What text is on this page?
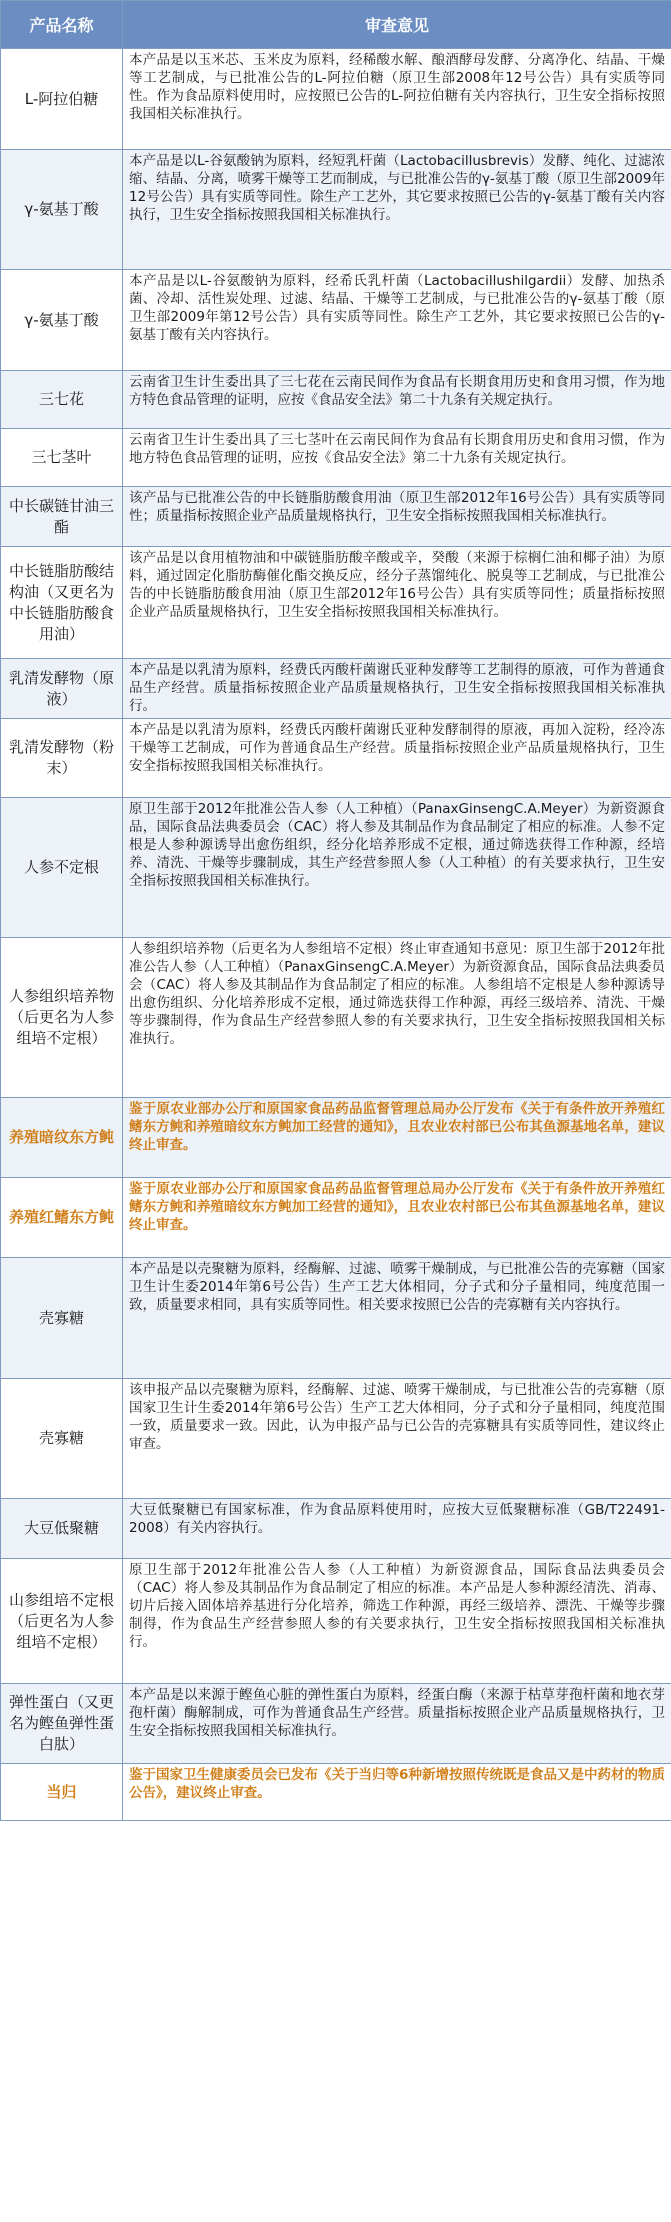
产品名称	审查意见
L-阿拉伯糖	本产品是以玉米芯、玉米皮为原料，经稀酸水解、酿酒酵母发酵、分离净化、结晶、干燥等工艺制成，与已批准公告的L-阿拉伯糖（原卫生部2008年12号公告）具有实质等同性。作为食品原料使用时，应按照已公告的L-阿拉伯糖有关内容执行，卫生安全指标按照我国相关标准执行。
γ-氨基丁酸	本产品是以L-谷氨酸钠为原料，经短乳杆菌（Lactobacillusbrevis）发酵、纯化、过滤浓缩、结晶、分离，喷雾干燥等工艺而制成，与已批准公告的γ-氨基丁酸（原卫生部2009年12号公告）具有实质等同性。除生产工艺外，其它要求按照已公告的γ-氨基丁酸有关内容执行，卫生安全指标按照我国相关标准执行。
γ-氨基丁酸	本产品是以L-谷氨酸钠为原料，经希氏乳杆菌（Lactobacillushilgardii）发酵、加热杀菌、冷却、活性炭处理、过滤、结晶、干燥等工艺制成，与已批准公告的γ-氨基丁酸（原卫生部2009年第12号公告）具有实质等同性。除生产工艺外，其它要求按照已公告的γ-氨基丁酸有关内容执行。
三七花	云南省卫生计生委出具了三七花在云南民间作为食品有长期食用历史和食用习惯，作为地方特色食品管理的证明，应按《食品安全法》第二十九条有关规定执行。
三七茎叶	云南省卫生计生委出具了三七茎叶在云南民间作为食品有长期食用历史和食用习惯，作为地方特色食品管理的证明，应按《食品安全法》第二十九条有关规定执行。
中长碳链甘油三酯	该产品与已批准公告的中长链脂肪酸食用油（原卫生部2012年16号公告）具有实质等同性；质量指标按照企业产品质量规格执行，卫生安全指标按照我国相关标准执行。
中长链脂肪酸结构油（又更名为中长链脂肪酸食用油）	该产品是以食用植物油和中碳链脂肪酸辛酸或辛，癸酸（来源于棕榈仁油和椰子油）为原料，通过固定化脂肪酶催化酯交换反应，经分子蒸馏纯化、脱臭等工艺制成，与已批准公告的中长链脂肪酸食用油（原卫生部2012年16号公告）具有实质等同性；质量指标按照企业产品质量规格执行，卫生安全指标按照我国相关标准执行。
乳清发酵物（原液）	本产品是以乳清为原料，经费氏丙酸杆菌谢氏亚种发酵等工艺制得的原液，可作为普通食品生产经营。质量指标按照企业产品质量规格执行，卫生安全指标按照我国相关标准执行。
乳清发酵物（粉末）	本产品是以乳清为原料，经费氏丙酸杆菌谢氏亚种发酵制得的原液，再加入淀粉，经冷冻干燥等工艺制成，可作为普通食品生产经营。质量指标按照企业产品质量规格执行，卫生安全指标按照我国相关标准执行。
人参不定根	原卫生部于2012年批准公告人参（人工种植）（PanaxGinsengC.A.Meyer）为新资源食品，国际食品法典委员会（CAC）将人参及其制品作为食品制定了相应的标准。人参不定根是人参种源诱导出愈伤组织，经分化培养形成不定根，通过筛选获得工作种源，经培养、清洗、干燥等步骤制成，其生产经营参照人参（人工种植）的有关要求执行，卫生安全指标按照我国相关标准执行。
人参组织培养物（后更名为人参组培不定根）	人参组织培养物（后更名为人参组培不定根）终止审查通知书意见：原卫生部于2012年批准公告人参（人工种植）（PanaxGinsengC.A.Meyer）为新资源食品，国际食品法典委员会（CAC）将人参及其制品作为食品制定了相应的标准。人参组培不定根是人参种源诱导出愈伤组织、分化培养形成不定根，通过筛选获得工作种源，再经三级培养、清洗、干燥等步骤制得，作为食品生产经营参照人参的有关要求执行，卫生安全指标按照我国相关标准执行。
养殖暗纹东方鲀	鉴于原农业部办公厅和原国家食品药品监督管理总局办公厅发布《关于有条件放开养殖红鳍东方鲀和养殖暗纹东方鲀加工经营的通知》，且农业农村部已公布其鱼源基地名单，建议终止审查。
养殖红鳍东方鲀	鉴于原农业部办公厅和原国家食品药品监督管理总局办公厅发布《关于有条件放开养殖红鳍东方鲀和养殖暗纹东方鲀加工经营的通知》，且农业农村部已公布其鱼源基地名单，建议终止审查。
壳寡糖	本产品是以壳聚糖为原料，经酶解、过滤、喷雾干燥制成，与已批准公告的壳寡糖（国家卫生计生委2014年第6号公告）生产工艺大体相同，分子式和分子量相同，纯度范围一致，质量要求相同，具有实质等同性。相关要求按照已公告的壳寡糖有关内容执行。
壳寡糖	该申报产品以壳聚糖为原料，经酶解、过滤、喷雾干燥制成，与已批准公告的壳寡糖（原国家卫生计生委2014年第6号公告）生产工艺大体相同，分子式和分子量相同，纯度范围一致，质量要求一致。因此，认为申报产品与已公告的壳寡糖具有实质等同性，建议终止审查。
大豆低聚糖	大豆低聚糖已有国家标准，作为食品原料使用时，应按大豆低聚糖标准（GB/T22491-2008）有关内容执行。
山参组培不定根（后更名为人参组培不定根）	原卫生部于2012年批准公告人参（人工种植）为新资源食品，国际食品法典委员会（CAC）将人参及其制品作为食品制定了相应的标准。本产品是人参种源经清洗、消毒、切片后接入固体培养基进行分化培养，筛选工作种源，再经三级培养、漂洗、干燥等步骤制得，作为食品生产经营参照人参的有关要求执行，卫生安全指标按照我国相关标准执行。
弹性蛋白（又更名为鲣鱼弹性蛋白肽）	本产品是以来源于鲣鱼心脏的弹性蛋白为原料，经蛋白酶（来源于枯草芽孢杆菌和地衣芽孢杆菌）酶解制成，可作为普通食品生产经营。质量指标按照企业产品质量规格执行，卫生安全指标按照我国相关标准执行。
当归	鉴于国家卫生健康委员会已发布《关于当归等6种新增按照传统既是食品又是中药材的物质公告》，建议终止审查。
